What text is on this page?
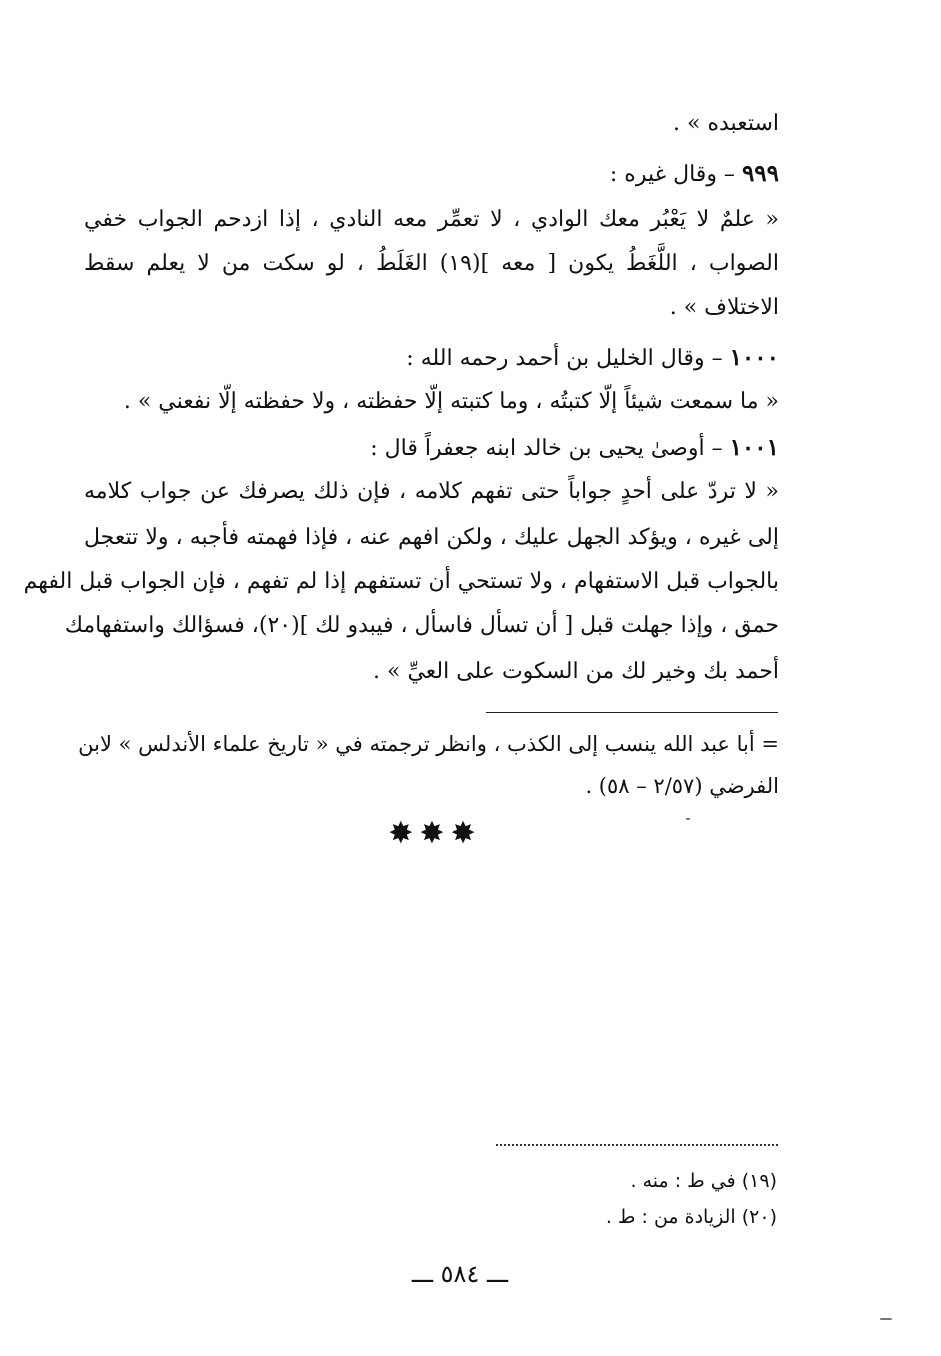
استعبده » .
٩٩٩ – وقال غيره :
« علمٌ لا يَعْبُر معك الوادي ، لا تعمِّر معه النادي ، إذا ازدحم الجواب خفي
الصواب ، اللَّغَطُ يكون [ معه ](١٩) الغَلَطُ ، لو سكت من لا يعلم سقط
الاختلاف » .
١٠٠٠ – وقال الخليل بن أحمد رحمه الله :
« ما سمعت شيئاً إلّا كتبتُه ، وما كتبته إلّا حفظته ، ولا حفظته إلّا نفعني » .
١٠٠١ – أوصىٰ يحيى بن خالد ابنه جعفراً قال :
« لا تردّ على أحدٍ جواباً حتى تفهم كلامه ، فإن ذلك يصرفك عن جواب كلامه
إلى غيره ، ويؤكد الجهل عليك ، ولكن افهم عنه ، فإذا فهمته فأجبه ، ولا تتعجل
بالجواب قبل الاستفهام ، ولا تستحي أن تستفهم إذا لم تفهم ، فإن الجواب قبل الفهم
حمق ، وإذا جهلت قبل [ أن تسأل فاسأل ، فيبدو لك ](٢٠)، فسؤالك واستفهامك
أحمد بك وخير لك من السكوت على العيِّ » .
= أبا عبد الله ينسب إلى الكذب ، وانظر ترجمته في « تاريخ علماء الأندلس » لابن
الفرضي (٢/٥٧ – ٥٨) .
✸✸✸
(١٩) في ط : منه .
(٢٠) الزيادة من : ط .
ـــ ٥٨٤ ـــ
